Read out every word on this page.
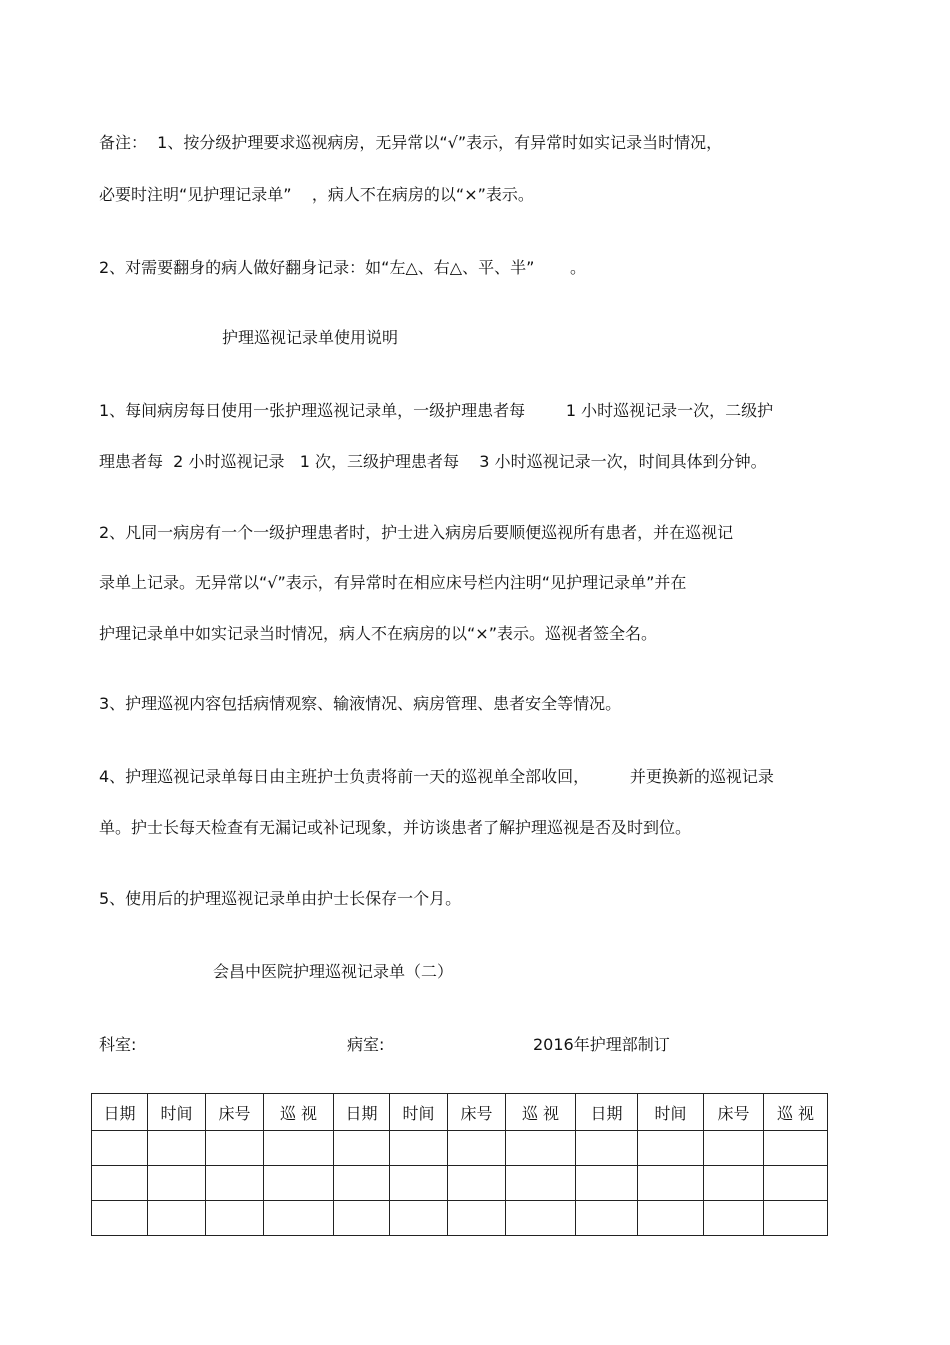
备注：  1、按分级护理要求巡视病房，无异常以“√”表示，有异常时如实记录当时情况，
必要时注明“见护理记录单”    ，病人不在病房的以“×”表示。
2、对需要翻身的病人做好翻身记录：如“左△、右△、平、半”       。
护理巡视记录单使用说明
1、每间病房每日使用一张护理巡视记录单，一级护理患者每        1 小时巡视记录一次，二级护
理患者每  2 小时巡视记录   1 次，三级护理患者每    3 小时巡视记录一次，时间具体到分钟。
2、凡同一病房有一个一级护理患者时，护士进入病房后要顺便巡视所有患者，并在巡视记
录单上记录。无异常以“√”表示，有异常时在相应床号栏内注明“见护理记录单”并在
护理记录单中如实记录当时情况，病人不在病房的以“×”表示。巡视者签全名。
3、护理巡视内容包括病情观察、输液情况、病房管理、患者安全等情况。
4、护理巡视记录单每日由主班护士负责将前一天的巡视单全部收回，        并更换新的巡视记录
单。护士长每天检查有无漏记或补记现象，并访谈患者了解护理巡视是否及时到位。
5、使用后的护理巡视记录单由护士长保存一个月。
会昌中医院护理巡视记录单（二）
科室:	病室:	2016年护理部制订
日期	时间	床号	巡 视	日期	时间	床号	巡 视	日期	时间	床号	巡 视
